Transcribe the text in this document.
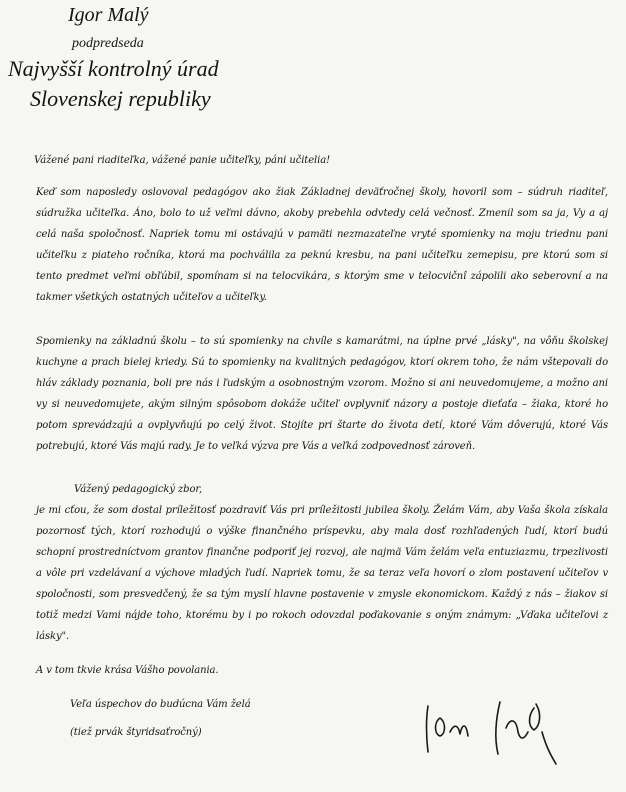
Igor Malý
podpredseda
Najvyšší kontrolný úrad
Slovenskej republiky
Vážené pani riaditeľka, vážené panie učiteľky, páni učitelia!
Keď som naposledy oslovoval pedagógov ako žiak Základnej deväťročnej školy, hovoril som – súdruh riaditeľ, súdružka učiteľka. Áno, bolo to už veľmi dávno, akoby prebehla odvtedy celá večnosť. Zmenil som sa ja, Vy a aj celá naša spoločnosť. Napriek tomu mi ostávajú v pamäti nezmazateľne vryté spomienky na moju triednu pani učiteľku z piateho ročníka, ktorá ma pochválila za peknú kresbu, na pani učiteľku zemepisu, pre ktorú som si tento predmet veľmi obľúbil, spomínam si na telocvikára, s ktorým sme v telocvičnî zápolili ako seberovní a na takmer všetkých ostatných učiteľov a učiteľky.
Spomienky na základnú školu – to sú spomienky na chvíle s kamarátmi, na úplne prvé „lásky", na vôňu školskej kuchyne a prach bielej kriedy. Sú to spomienky na kvalitných pedagógov, ktorí okrem toho, že nám vštepovali do hláv základy poznania, boli pre nás i ľudským a osobnostným vzorom. Možno si ani neuvedomujeme, a možno ani vy si neuvedomujete, akým silným spôsobom dokáže učiteľ ovplyvniť názory a postoje dieťaťa – žiaka, ktoré ho potom sprevádzajú a ovplyvňujú po celý život. Stojíte pri štarte do života detí, ktoré Vám dôverujú, ktoré Vás potrebujú, ktoré Vás majú rady. Je to veľká výzva pre Vás a veľká zodpovednosť zároveň.
Vážený pedagogický zbor,
je mi cťou, že som dostal príležitosť pozdraviť Vás pri príležitosti jubilea školy. Želám Vám, aby Vaša škola získala pozornosť tých, ktorí rozhodujú o výške finančného príspevku, aby mala dosť rozhľadených ľudí, ktorí budú schopní prostredníctvom grantov finančne podporiť jej rozvoj, ale najmä Vám želám veľa entuziazmu, trpezlivosti a vôle pri vzdelávaní a výchove mladých ľudí. Napriek tomu, že sa teraz veľa hovorí o zlom postavení učiteľov v spoločnosti, som presvedčený, že sa tým myslí hlavne postavenie v zmysle ekonomickom. Každý z nás – žiakov si totiž medzi Vami nájde toho, ktorému by i po rokoch odovzdal poďakovanie s oným známym: „Vďaka učiteľovi z lásky".
A v tom tkvie krása Vášho povolania.
Veľa úspechov do budúcna Vám želá
(tiež prvák štyridsaťročný)
